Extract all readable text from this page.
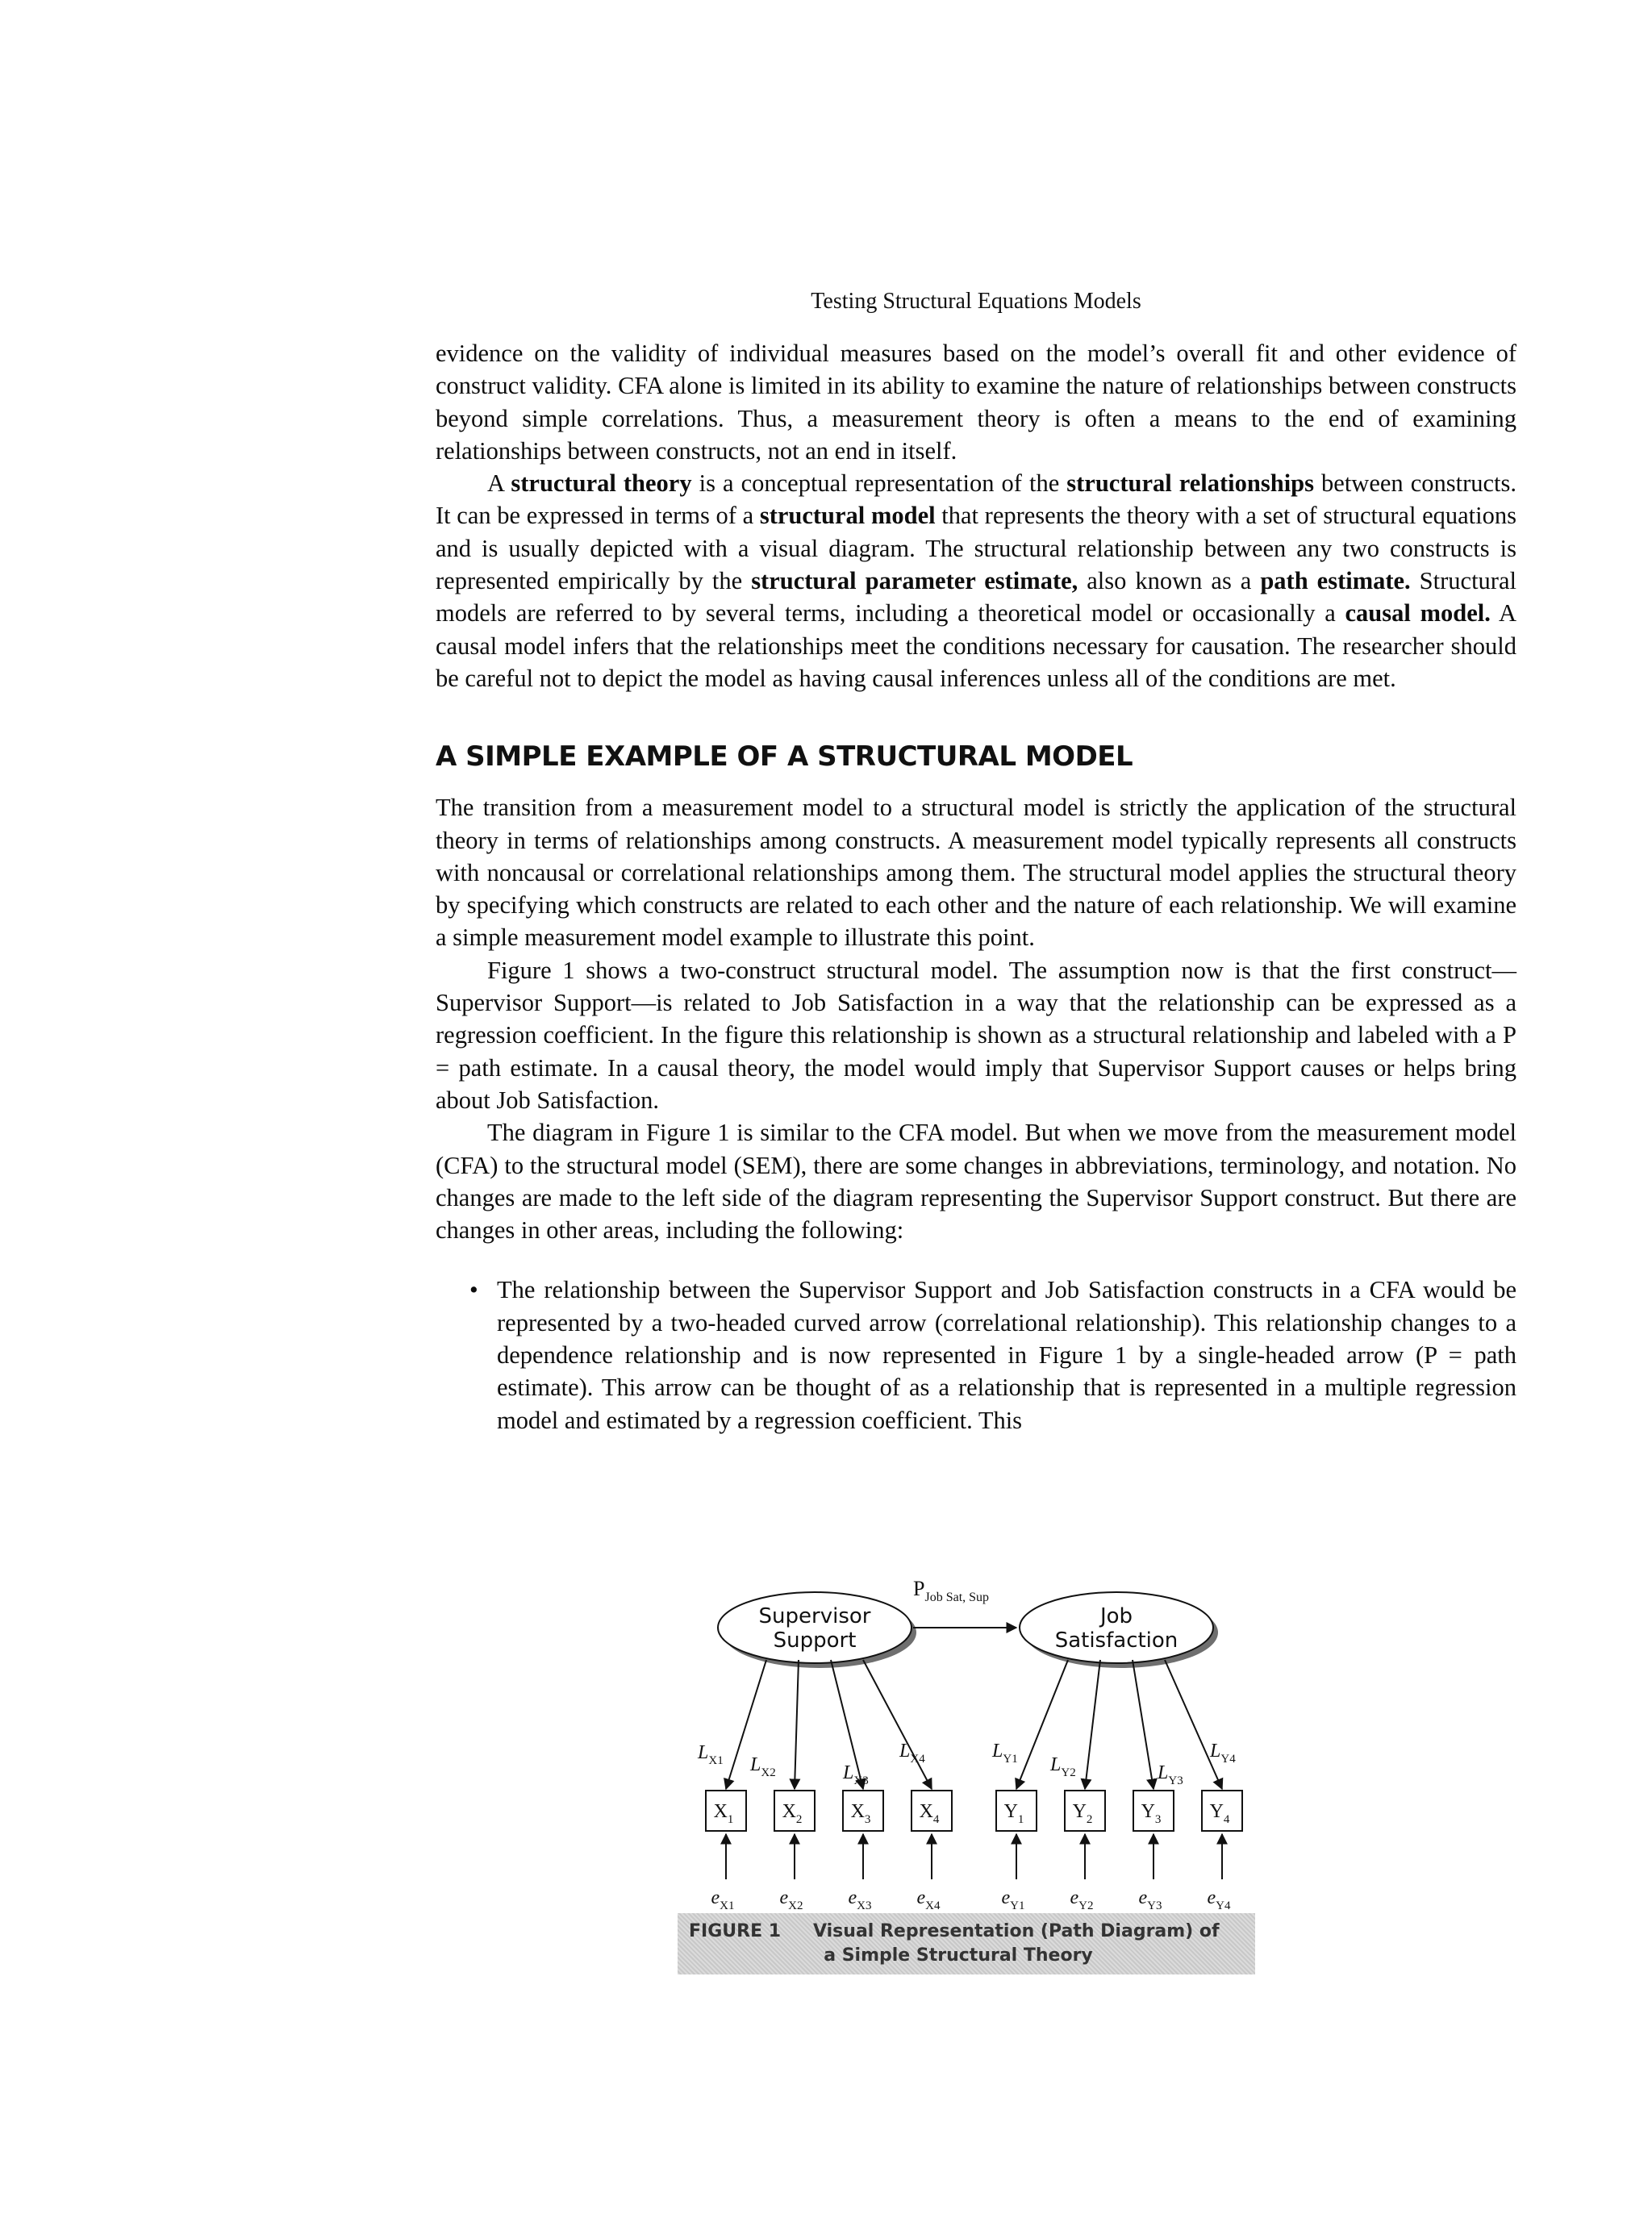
Testing Structural Equations Models

evidence on the validity of individual measures based on the model’s overall fit and other evidence of construct validity. CFA alone is limited in its ability to examine the nature of relationships between constructs beyond simple correlations. Thus, a measurement theory is often a means to the end of examining relationships between constructs, not an end in itself.

A structural theory is a conceptual representation of the structural relationships between constructs. It can be expressed in terms of a structural model that represents the theory with a set of structural equations and is usually depicted with a visual diagram. The structural relationship between any two constructs is represented empirically by the structural parameter estimate, also known as a path estimate. Structural models are referred to by several terms, including a theoretical model or occasionally a causal model. A causal model infers that the relationships meet the conditions necessary for causation. The researcher should be careful not to depict the model as having causal inferences unless all of the conditions are met.

A SIMPLE EXAMPLE OF A STRUCTURAL MODEL

The transition from a measurement model to a structural model is strictly the application of the structural theory in terms of relationships among constructs. A measurement model typically represents all constructs with noncausal or correlational relationships among them. The structural model applies the structural theory by specifying which constructs are related to each other and the nature of each relationship. We will examine a simple measurement model example to illustrate this point.

Figure 1 shows a two-construct structural model. The assumption now is that the first construct—Supervisor Support—is related to Job Satisfaction in a way that the relationship can be expressed as a regression coefficient. In the figure this relationship is shown as a structural relationship and labeled with a P = path estimate. In a causal theory, the model would imply that Supervisor Support causes or helps bring about Job Satisfaction.

The diagram in Figure 1 is similar to the CFA model. But when we move from the measurement model (CFA) to the structural model (SEM), there are some changes in abbreviations, terminology, and notation. No changes are made to the left side of the diagram representing the Supervisor Support construct. But there are changes in other areas, including the following:

• The relationship between the Supervisor Support and Job Satisfaction constructs in a CFA would be represented by a two-headed curved arrow (correlational relationship). This relationship changes to a dependence relationship and is now represented in Figure 1 by a single-headed arrow (P = path estimate). This arrow can be thought of as a relationship that is represented in a multiple regression model and estimated by a regression coefficient. This
Supervisor
Support
Job
Satisfaction
$P_{Job Sat, Sup}$
$X_1$
$e_{X1}$
$L_{X1}$
$X_2$
$e_{X2}$
$L_{X2}$
$X_3$
$e_{X3}$
$L_{X3}$
$X_4$
$e_{X4}$
$L_{X4}$
$Y_1$
$e_{Y1}$
$L_{Y1}$
$Y_2$
$e_{Y2}$
$L_{Y2}$
$Y_3$
$e_{Y3}$
$L_{Y3}$
$Y_4$
$e_{Y4}$
$L_{Y4}$
FIGURE 1 Visual Representation (Path Diagram) of
a Simple Structural Theory
